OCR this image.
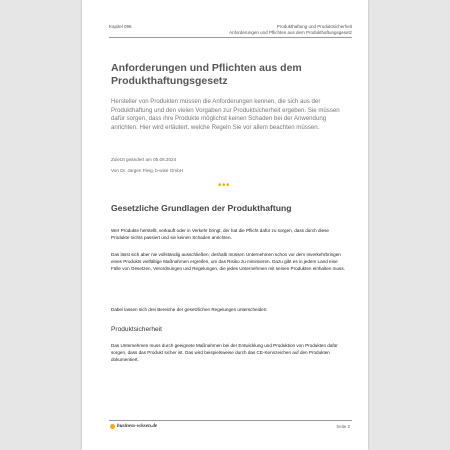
Kapitel 096	Produkthaftung und Produktsicherheit
Anforderungen und Pflichten aus dem Produkthaftungsgesetz
Anforderungen und Pflichten aus dem Produkthaftungsgesetz
Hersteller von Produkten müssen die Anforderungen kennen, die sich aus der Produkthaftung und den vielen Vorgaben zur Produktsicherheit ergeben. Sie müssen dafür sorgen, dass ihre Produkte möglichst keinen Schaden bei der Anwendung anrichten. Hier wird erläutert, welche Regeln Sie vor allem beachten müssen.
Zuletzt geändert am 05.08.2024
Von Dr. Jürgen Fleig, b-wise GmbH
•••
Gesetzliche Grundlagen der Produkthaftung
Wer Produkte herstellt, verkauft oder in Verkehr bringt, der hat die Pflicht dafür zu sorgen, dass durch diese Produkte nichts passiert und sie keinen Schaden anrichten.
Das lässt sich aber nie vollständig ausschließen; deshalb müssen Unternehmen schon vor dem Inverkehrbringen eines Produkts vielfältige Maßnahmen ergreifen, um das Risiko zu minimieren. Dazu gibt es in jedem Land eine Fülle von Gesetzen, Verordnungen und Regelungen, die jedes Unternehmen mit seinen Produkten einhalten muss.
Dabei lassen sich drei Bereiche der gesetzlichen Regelungen unterscheiden:
Produktsicherheit
Das Unternehmen muss durch geeignete Maßnahmen bei der Entwicklung und Produktion von Produkten dafür sorgen, dass das Produkt sicher ist. Das wird beispielsweise durch das CE-Kennzeichen auf den Produkten dokumentiert.
business-wissen.de	Seite 2
